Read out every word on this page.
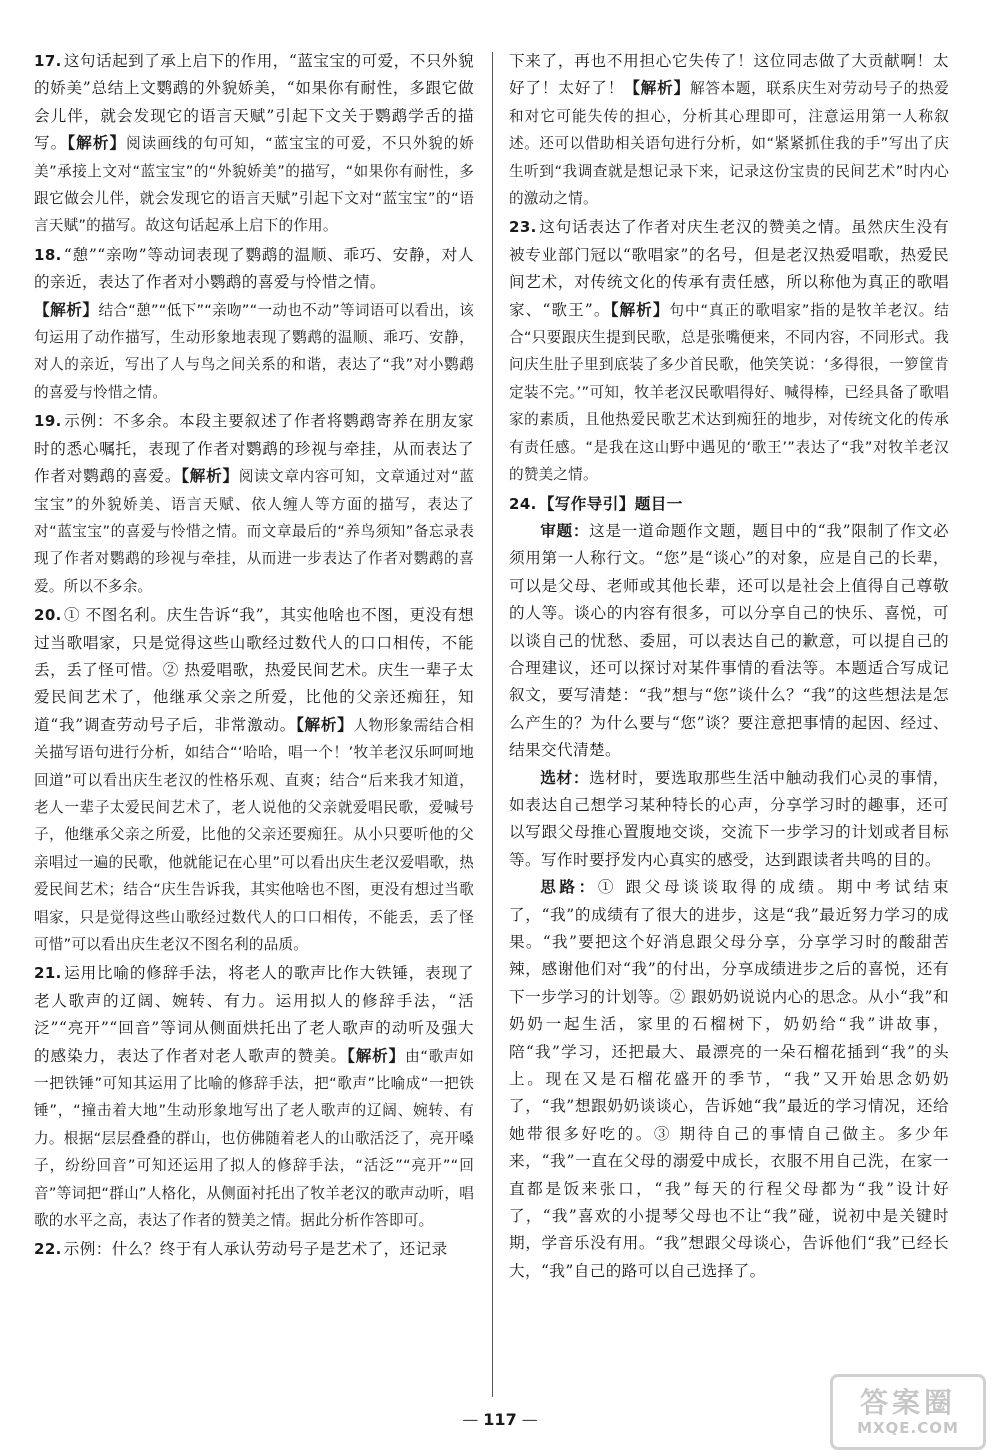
17. 这句话起到了承上启下的作用，“蓝宝宝的可爱，不只外貌的娇美”总结上文鹦鹉的外貌娇美，“如果你有耐性，多跟它做会儿伴，就会发现它的语言天赋”引起下文关于鹦鹉学舌的描写。【解析】阅读画线的句可知，“蓝宝宝的可爱，不只外貌的娇美”承接上文对“蓝宝宝”的“外貌娇美”的描写，“如果你有耐性，多跟它做会儿伴，就会发现它的语言天赋”引起下文对“蓝宝宝”的“语言天赋”的描写。故这句话起承上启下的作用。

18. “憩”“亲吻”等动词表现了鹦鹉的温顺、乖巧、安静，对人的亲近，表达了作者对小鹦鹉的喜爱与怜惜之情。
【解析】结合“憩”“低下”“亲吻”“一动也不动”等词语可以看出，该句运用了动作描写，生动形象地表现了鹦鹉的温顺、乖巧、安静，对人的亲近，写出了人与鸟之间关系的和谐，表达了“我”对小鹦鹉的喜爱与怜惜之情。

19. 示例：不多余。本段主要叙述了作者将鹦鹉寄养在朋友家时的悉心嘱托，表现了作者对鹦鹉的珍视与牵挂，从而表达了作者对鹦鹉的喜爱。【解析】阅读文章内容可知，文章通过对“蓝宝宝”的外貌娇美、语言天赋、依人缠人等方面的描写，表达了对“蓝宝宝”的喜爱与怜惜之情。而文章最后的“养鸟须知”备忘录表现了作者对鹦鹉的珍视与牵挂，从而进一步表达了作者对鹦鹉的喜爱。所以不多余。

20. ① 不图名利。庆生告诉“我”，其实他啥也不图，更没有想过当歌唱家，只是觉得这些山歌经过数代人的口口相传，不能丢，丢了怪可惜。② 热爱唱歌，热爱民间艺术。庆生一辈子太爱民间艺术了，他继承父亲之所爱，比他的父亲还痴狂，知道“我”调查劳动号子后，非常激动。【解析】人物形象需结合相关描写语句进行分析，如结合“‘哈哈，唱一个！’牧羊老汉乐呵呵地回道”可以看出庆生老汉的性格乐观、直爽；结合“后来我才知道，老人一辈子太爱民间艺术了，老人说他的父亲就爱唱民歌，爱喊号子，他继承父亲之所爱，比他的父亲还要痴狂。从小只要听他的父亲唱过一遍的民歌，他就能记在心里”可以看出庆生老汉爱唱歌，热爱民间艺术；结合“庆生告诉我，其实他啥也不图，更没有想过当歌唱家，只是觉得这些山歌经过数代人的口口相传，不能丢，丢了怪可惜”可以看出庆生老汉不图名利的品质。

21. 运用比喻的修辞手法，将老人的歌声比作大铁锤，表现了老人歌声的辽阔、婉转、有力。运用拟人的修辞手法，“活泛”“亮开”“回音”等词从侧面烘托出了老人歌声的动听及强大的感染力，表达了作者对老人歌声的赞美。【解析】由“歌声如一把铁锤”可知其运用了比喻的修辞手法，把“歌声”比喻成“一把铁锤”，“撞击着大地”生动形象地写出了老人歌声的辽阔、婉转、有力。根据“层层叠叠的群山，也仿佛随着老人的山歌活泛了，亮开嗓子，纷纷回音”可知还运用了拟人的修辞手法，“活泛”“亮开”“回音”等词把“群山”人格化，从侧面衬托出了牧羊老汉的歌声动听，唱歌的水平之高，表达了作者的赞美之情。据此分析作答即可。

22. 示例：什么？终于有人承认劳动号子是艺术了，还记录

下来了，再也不用担心它失传了！这位同志做了大贡献啊！太好了！太好了！【解析】解答本题，联系庆生对劳动号子的热爱和对它可能失传的担心，分析其心理即可，注意运用第一人称叙述。还可以借助相关语句进行分析，如“紧紧抓住我的手”写出了庆生听到“我调查就是想记录下来，记录这份宝贵的民间艺术”时内心的激动之情。

23. 这句话表达了作者对庆生老汉的赞美之情。虽然庆生没有被专业部门冠以“歌唱家”的名号，但是老汉热爱唱歌，热爱民间艺术，对传统文化的传承有责任感，所以称他为真正的歌唱家、“歌王”。【解析】句中“真正的歌唱家”指的是牧羊老汉。结合“只要跟庆生提到民歌，总是张嘴便来，不同内容，不同形式。我问庆生肚子里到底装了多少首民歌，他笑笑说：‘多得很，一箩筐肯定装不完。’”可知，牧羊老汉民歌唱得好、喊得棒，已经具备了歌唱家的素质，且他热爱民歌艺术达到痴狂的地步，对传统文化的传承有责任感。“是我在这山野中遇见的‘歌王’”表达了“我”对牧羊老汉的赞美之情。

24. 【写作导引】题目一
审题：这是一道命题作文题，题目中的“我”限制了作文必须用第一人称行文。“您”是“谈心”的对象，应是自己的长辈，可以是父母、老师或其他长辈，还可以是社会上值得自己尊敬的人等。谈心的内容有很多，可以分享自己的快乐、喜悦，可以谈自己的忧愁、委屈，可以表达自己的歉意，可以提自己的合理建议，还可以探讨对某件事情的看法等。本题适合写成记叙文，要写清楚：“我”想与“您”谈什么？“我”的这些想法是怎么产生的？为什么要与“您”谈？要注意把事情的起因、经过、结果交代清楚。
选材：选材时，要选取那些生活中触动我们心灵的事情，如表达自己想学习某种特长的心声，分享学习时的趣事，还可以写跟父母推心置腹地交谈，交流下一步学习的计划或者目标等。写作时要抒发内心真实的感受，达到跟读者共鸣的目的。
思路：① 跟父母谈谈取得的成绩。期中考试结束了，“我”的成绩有了很大的进步，这是“我”最近努力学习的成果。“我”要把这个好消息跟父母分享，分享学习时的酸甜苦辣，感谢他们对“我”的付出，分享成绩进步之后的喜悦，还有下一步学习的计划等。② 跟奶奶说说内心的思念。从小“我”和奶奶一起生活，家里的石榴树下，奶奶给“我”讲故事，陪“我”学习，还把最大、最漂亮的一朵石榴花插到“我”的头上。现在又是石榴花盛开的季节，“我”又开始思念奶奶了，“我”想跟奶奶谈谈心，告诉她“我”最近的学习情况，还给她带很多好吃的。③ 期待自己的事情自己做主。多少年来，“我”一直在父母的溺爱中成长，衣服不用自己洗，在家一直都是饭来张口，“我”每天的行程父母都为“我”设计好了，“我”喜欢的小提琴父母也不让“我”碰，说初中是关键时期，学音乐没有用。“我”想跟父母谈心，告诉他们“我”已经长大，“我”自己的路可以自己选择了。
— 117 —
答案圈
MXQE.COM
